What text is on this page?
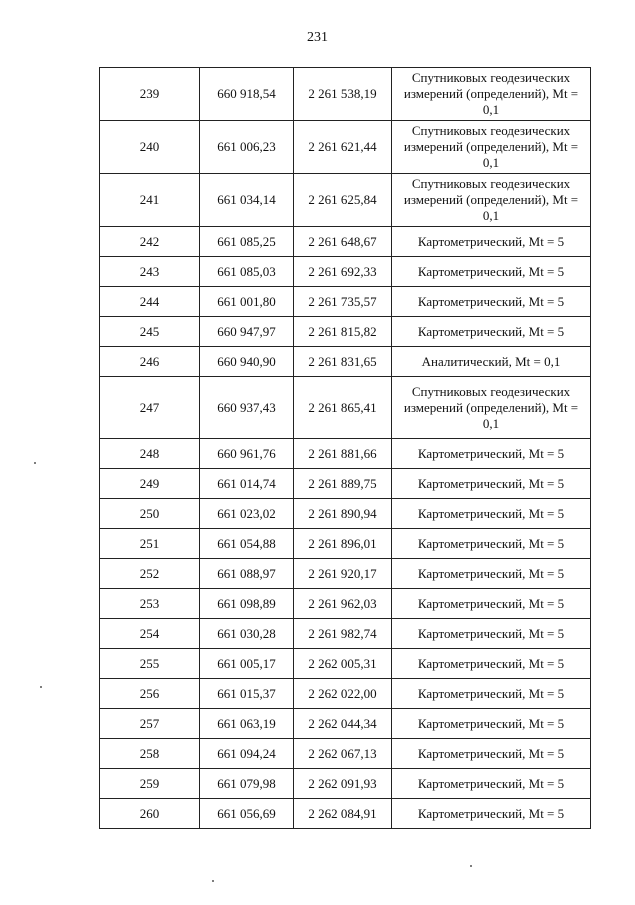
231
239	660 918,54	2 261 538,19	Спутниковых геодезических измерений (определений), Mt = 0,1
240	661 006,23	2 261 621,44	Спутниковых геодезических измерений (определений), Mt = 0,1
241	661 034,14	2 261 625,84	Спутниковых геодезических измерений (определений), Mt = 0,1
242	661 085,25	2 261 648,67	Картометрический, Mt = 5
243	661 085,03	2 261 692,33	Картометрический, Mt = 5
244	661 001,80	2 261 735,57	Картометрический, Mt = 5
245	660 947,97	2 261 815,82	Картометрический, Mt = 5
246	660 940,90	2 261 831,65	Аналитический, Mt = 0,1
247	660 937,43	2 261 865,41	Спутниковых геодезических измерений (определений), Mt = 0,1
248	660 961,76	2 261 881,66	Картометрический, Mt = 5
249	661 014,74	2 261 889,75	Картометрический, Mt = 5
250	661 023,02	2 261 890,94	Картометрический, Mt = 5
251	661 054,88	2 261 896,01	Картометрический, Mt = 5
252	661 088,97	2 261 920,17	Картометрический, Mt = 5
253	661 098,89	2 261 962,03	Картометрический, Mt = 5
254	661 030,28	2 261 982,74	Картометрический, Mt = 5
255	661 005,17	2 262 005,31	Картометрический, Mt = 5
256	661 015,37	2 262 022,00	Картометрический, Mt = 5
257	661 063,19	2 262 044,34	Картометрический, Mt = 5
258	661 094,24	2 262 067,13	Картометрический, Mt = 5
259	661 079,98	2 262 091,93	Картометрический, Mt = 5
260	661 056,69	2 262 084,91	Картометрический, Mt = 5
